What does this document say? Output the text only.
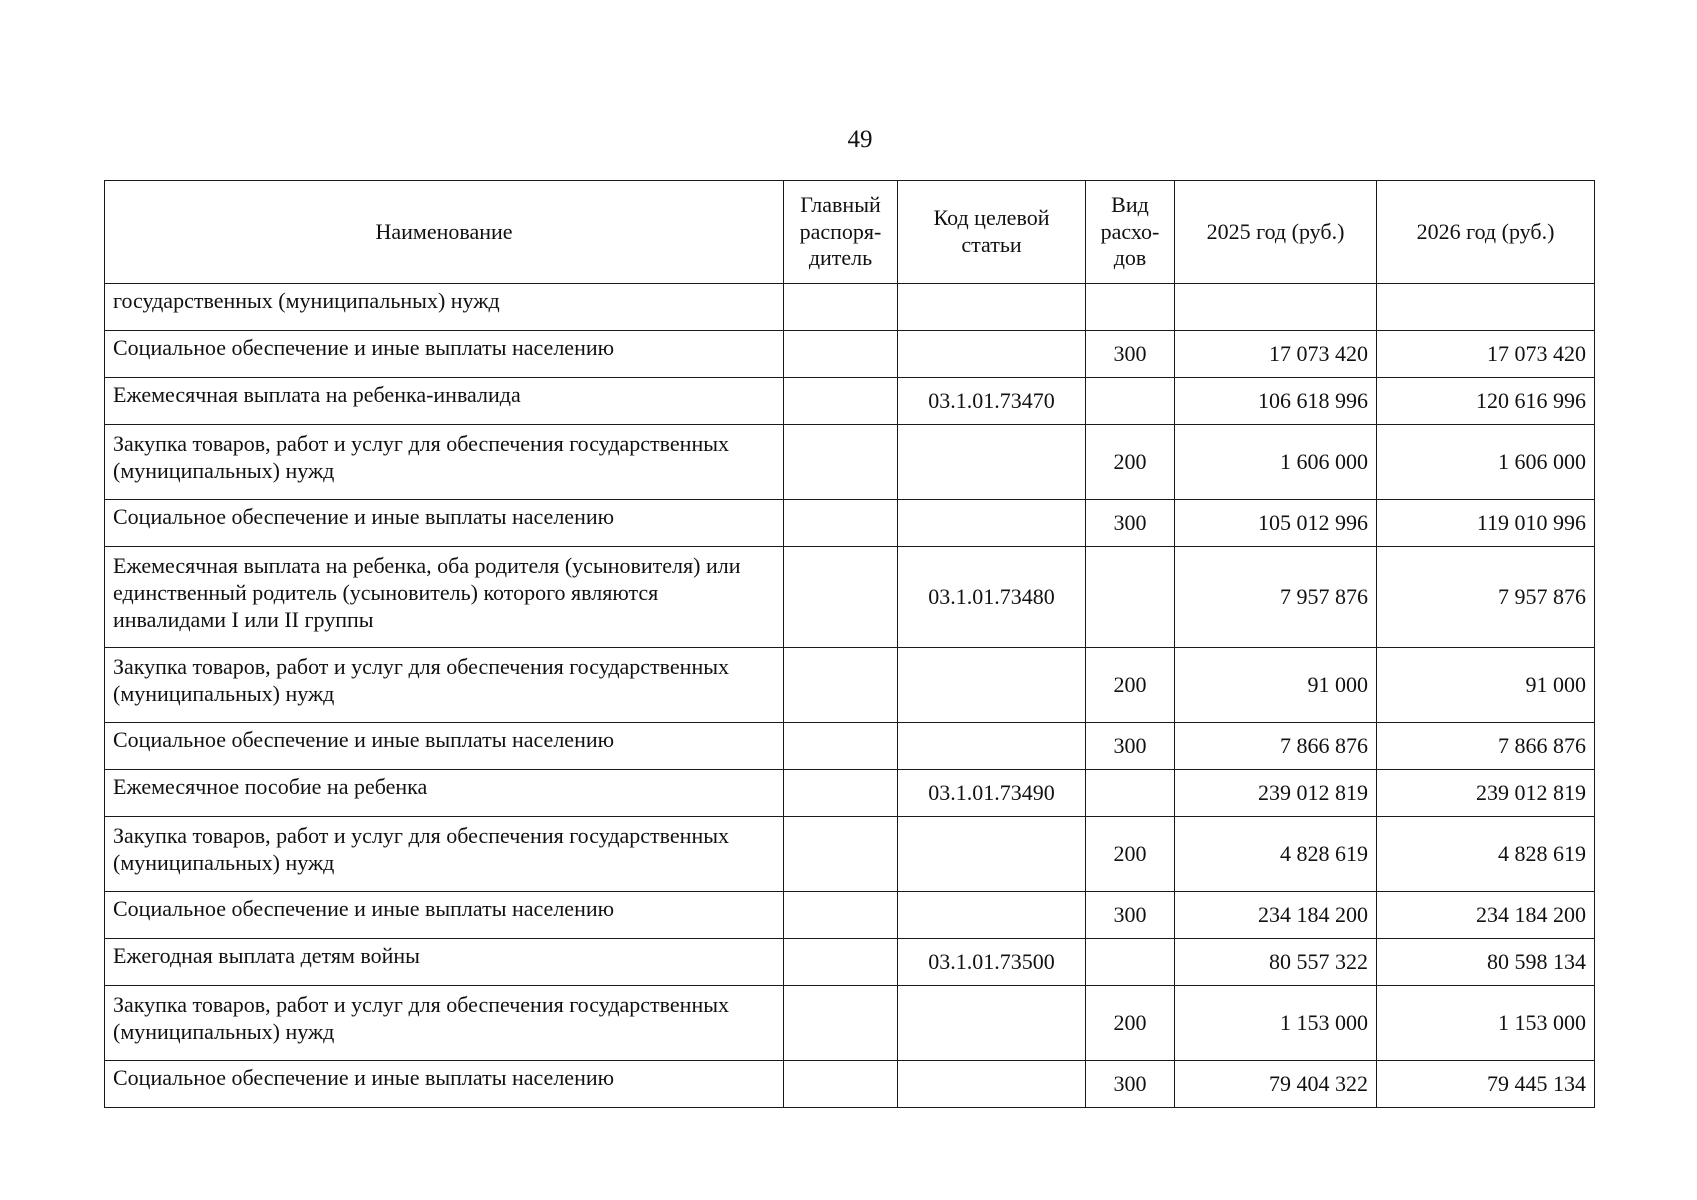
49
Наименование	Главный распоря-дитель	Код целевой статьи	Вид расхо-дов	2025 год (руб.)	2026 год (руб.)
государственных (муниципальных) нужд					
Социальное обеспечение и иные выплаты населению			300	17 073 420	17 073 420
Ежемесячная выплата на ребенка-инвалида		03.1.01.73470		106 618 996	120 616 996
Закупка товаров, работ и услуг для обеспечения государственных (муниципальных) нужд			200	1 606 000	1 606 000
Социальное обеспечение и иные выплаты населению			300	105 012 996	119 010 996
Ежемесячная выплата на ребенка, оба родителя (усыновителя) или единственный родитель (усыновитель) которого являются инвалидами I или II группы		03.1.01.73480		7 957 876	7 957 876
Закупка товаров, работ и услуг для обеспечения государственных (муниципальных) нужд			200	91 000	91 000
Социальное обеспечение и иные выплаты населению			300	7 866 876	7 866 876
Ежемесячное пособие на ребенка		03.1.01.73490		239 012 819	239 012 819
Закупка товаров, работ и услуг для обеспечения государственных (муниципальных) нужд			200	4 828 619	4 828 619
Социальное обеспечение и иные выплаты населению			300	234 184 200	234 184 200
Ежегодная выплата детям войны		03.1.01.73500		80 557 322	80 598 134
Закупка товаров, работ и услуг для обеспечения государственных (муниципальных) нужд			200	1 153 000	1 153 000
Социальное обеспечение и иные выплаты населению			300	79 404 322	79 445 134
